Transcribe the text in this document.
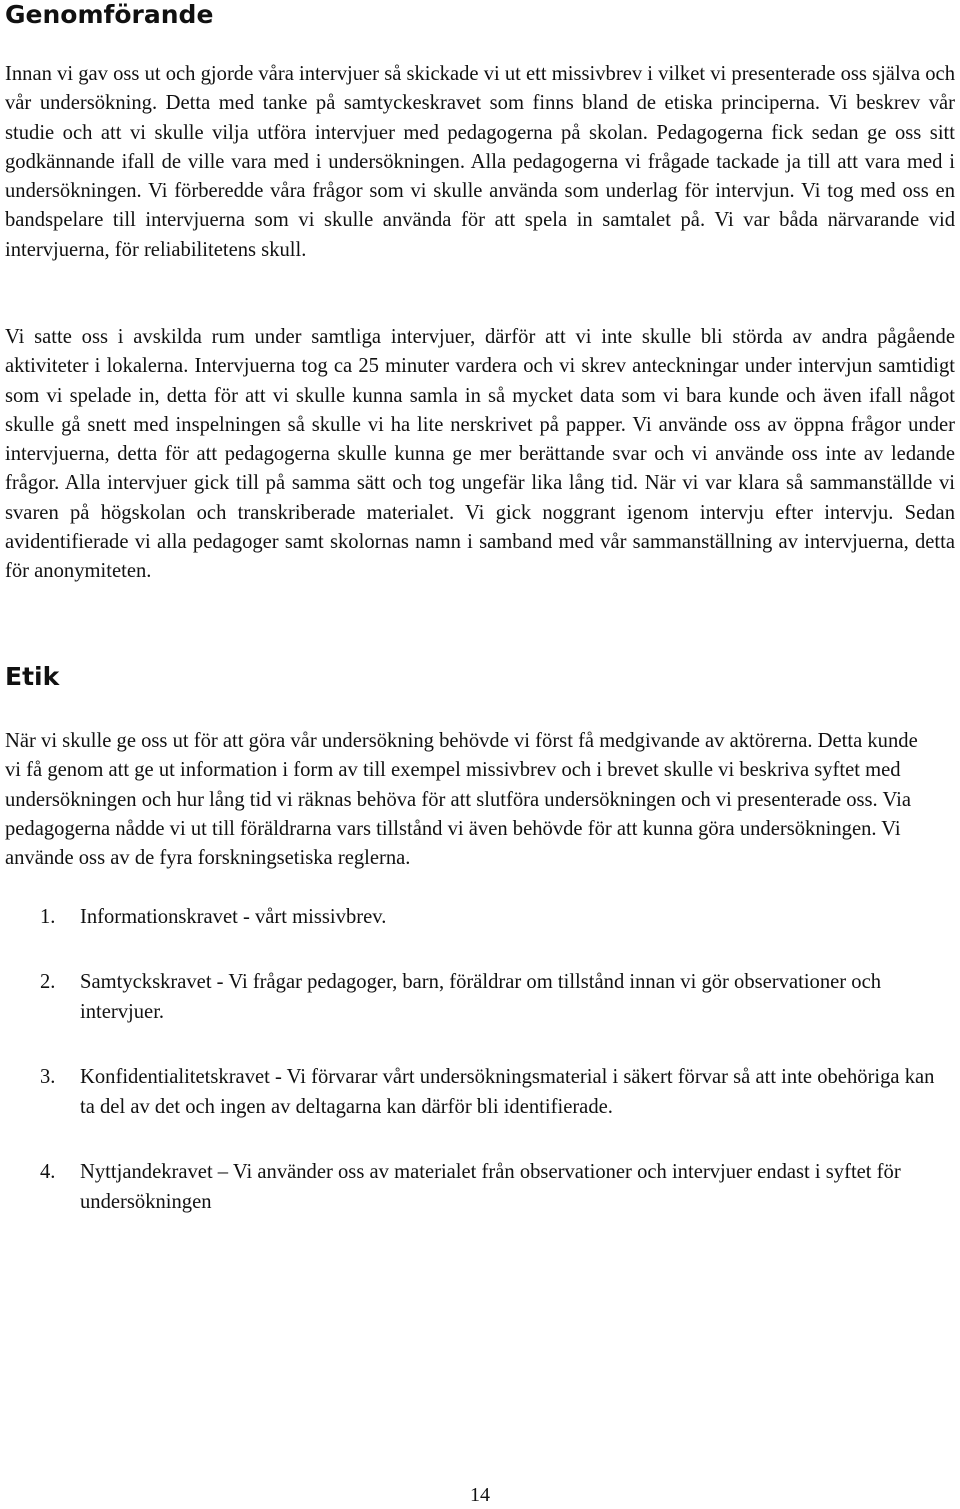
Genomförande

Innan vi gav oss ut och gjorde våra intervjuer så skickade vi ut ett missivbrev i vilket vi presenterade oss själva och vår undersökning. Detta med tanke på samtyckeskravet som finns bland de etiska principerna. Vi beskrev vår studie och att vi skulle vilja utföra intervjuer med pedagogerna på skolan. Pedagogerna fick sedan ge oss sitt godkännande ifall de ville vara med i undersökningen. Alla pedagogerna vi frågade tackade ja till att vara med i undersökningen. Vi förberedde våra frågor som vi skulle använda som underlag för intervjun. Vi tog med oss en bandspelare till intervjuerna som vi skulle använda för att spela in samtalet på. Vi var båda närvarande vid intervjuerna, för reliabilitetens skull.

Vi satte oss i avskilda rum under samtliga intervjuer, därför att vi inte skulle bli störda av andra pågående aktiviteter i lokalerna. Intervjuerna tog ca 25 minuter vardera och vi skrev anteckningar under intervjun samtidigt som vi spelade in, detta för att vi skulle kunna samla in så mycket data som vi bara kunde och även ifall något skulle gå snett med inspelningen så skulle vi ha lite nerskrivet på papper. Vi använde oss av öppna frågor under intervjuerna, detta för att pedagogerna skulle kunna ge mer berättande svar och vi använde oss inte av ledande frågor. Alla intervjuer gick till på samma sätt och tog ungefär lika lång tid. När vi var klara så sammanställde vi svaren på högskolan och transkriberade materialet. Vi gick noggrant igenom intervju efter intervju. Sedan avidentifierade vi alla pedagoger samt skolornas namn i samband med vår sammanställning av intervjuerna, detta för anonymiteten.

Etik

När vi skulle ge oss ut för att göra vår undersökning behövde vi först få medgivande av aktörerna. Detta kunde vi få genom att ge ut information i form av till exempel missivbrev och i brevet skulle vi beskriva syftet med undersökningen och hur lång tid vi räknas behöva för att slutföra undersökningen och vi presenterade oss. Via pedagogerna nådde vi ut till föräldrarna vars tillstånd vi även behövde för att kunna göra undersökningen. Vi använde oss av de fyra forskningsetiska reglerna.

1. Informationskravet - vårt missivbrev.
2. Samtyckskravet - Vi frågar pedagoger, barn, föräldrar om tillstånd innan vi gör observationer och intervjuer.
3. Konfidentialitetskravet - Vi förvarar vårt undersökningsmaterial i säkert förvar så att inte obehöriga kan ta del av det och ingen av deltagarna kan därför bli identifierade.
4. Nyttjandekravet – Vi använder oss av materialet från observationer och intervjuer endast i syftet för undersökningen
14
